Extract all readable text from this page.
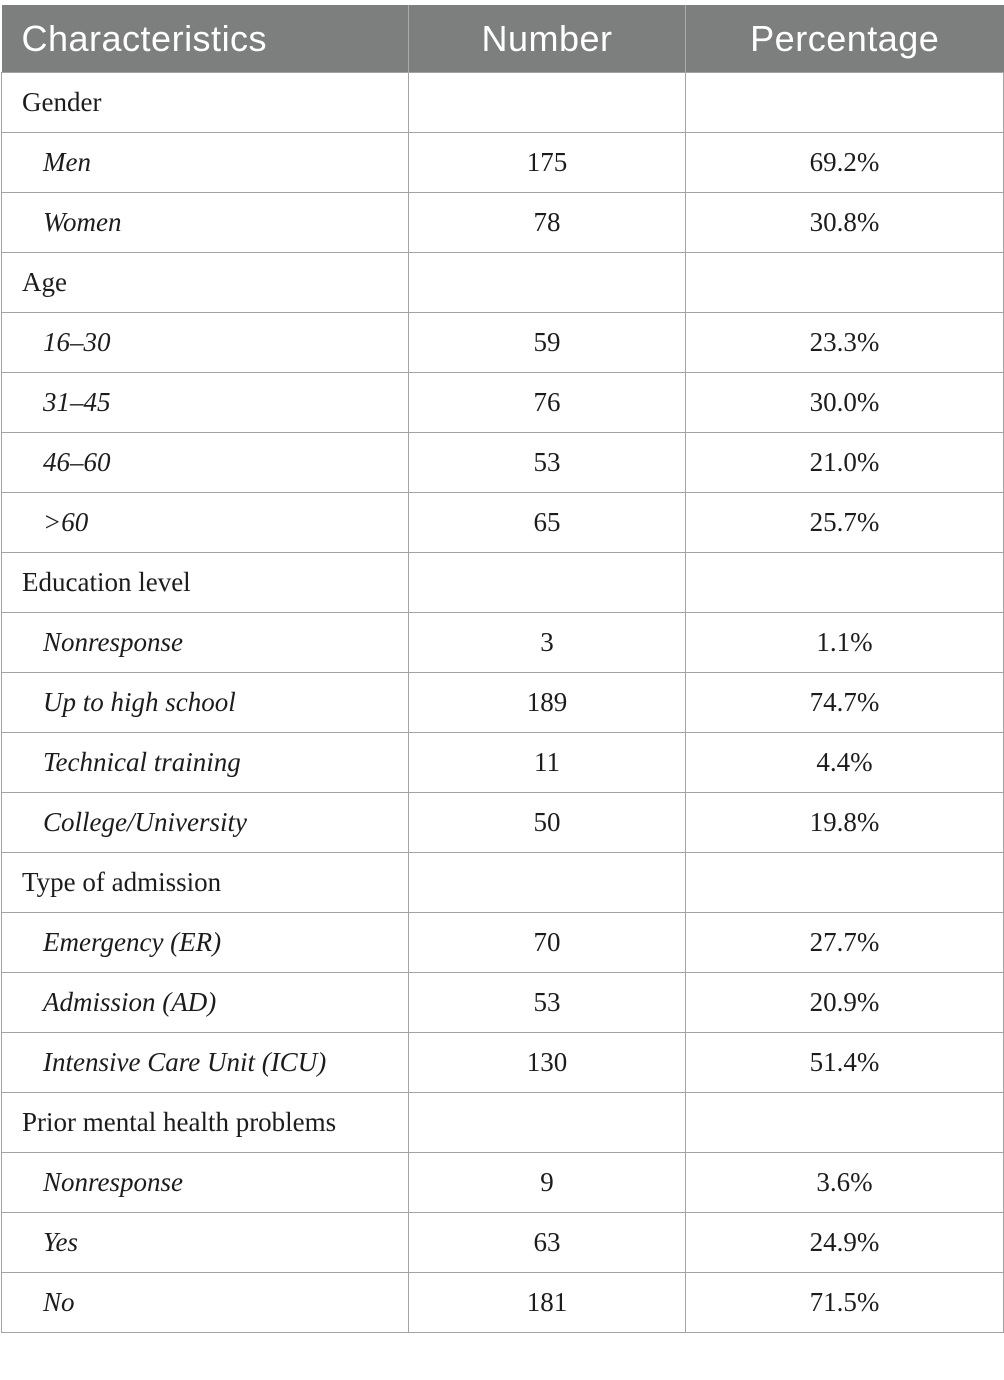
Characteristics	Number	Percentage
Gender		
Men	175	69.2%
Women	78	30.8%
Age		
16–30	59	23.3%
31–45	76	30.0%
46–60	53	21.0%
>60	65	25.7%
Education level		
Nonresponse	3	1.1%
Up to high school	189	74.7%
Technical training	11	4.4%
College/University	50	19.8%
Type of admission		
Emergency (ER)	70	27.7%
Admission (AD)	53	20.9%
Intensive Care Unit (ICU)	130	51.4%
Prior mental health problems		
Nonresponse	9	3.6%
Yes	63	24.9%
No	181	71.5%
